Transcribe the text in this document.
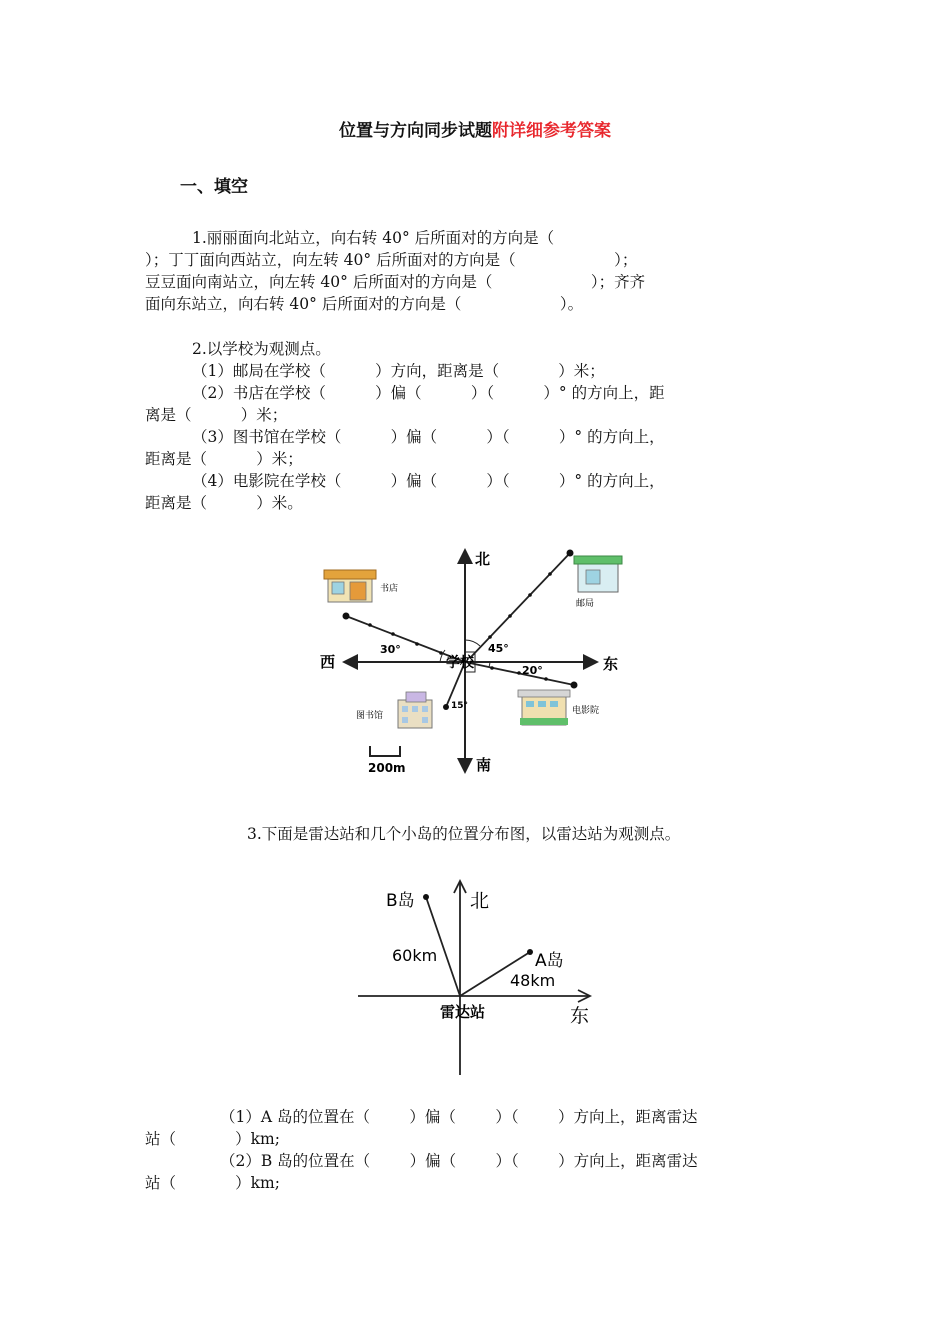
位置与方向同步试题附详细参考答案
一、填空
1.丽丽面向北站立，向右转 40° 后所面对的方向是（
）；丁丁面向西站立，向左转 40° 后所面对的方向是（                    ）；
豆豆面向南站立，向左转 40° 后所面对的方向是（                    ）；齐齐
面向东站立，向右转 40° 后所面对的方向是（                    ）。
2.以学校为观测点。
（1）邮局在学校（          ）方向，距离是（            ）米；
（2）书店在学校（          ）偏（          ）（          ）° 的方向上，距
离是（          ）米；
（3）图书馆在学校（          ）偏（          ）（          ）° 的方向上，
距离是（          ）米；
（4）电影院在学校（          ）偏（          ）（          ）° 的方向上，
距离是（          ）米。
北
南
东
西	学校
45°
30°
20°
15°
邮局
书店
图书馆	电影院
200m
3.下面是雷达站和几个小岛的位置分布图，以雷达站为观测点。
北
东
雷达站
B岛
A岛
60km
48km
（1）A 岛的位置在（        ）偏（        ）（        ）方向上，距离雷达
站（            ）km;
（2）B 岛的位置在（        ）偏（        ）（        ）方向上，距离雷达
站（            ）km;
